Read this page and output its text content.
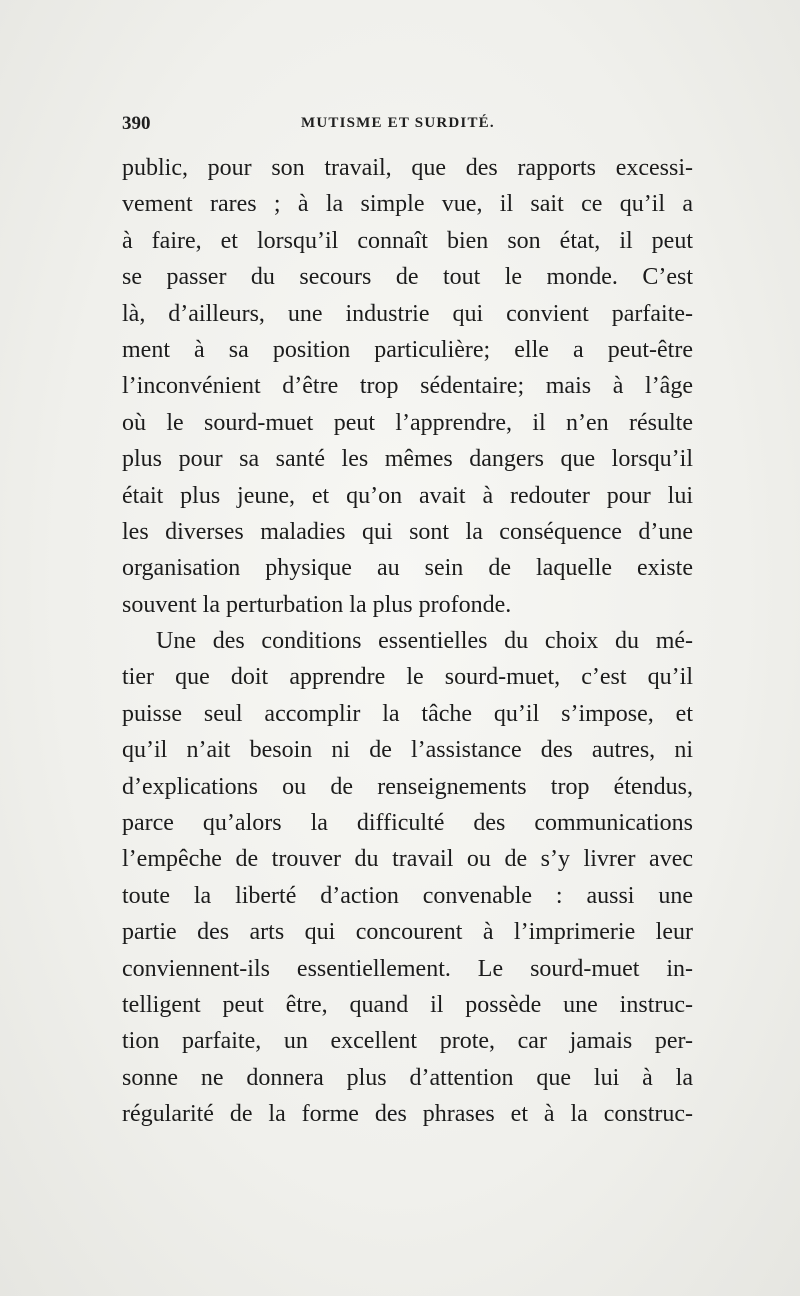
390	MUTISME ET SURDITÉ.
public, pour son travail, que des rapports excessi-
vement rares ; à la simple vue, il sait ce qu’il a
à faire, et lorsqu’il connaît bien son état, il peut
se passer du secours de tout le monde. C’est
là, d’ailleurs, une industrie qui convient parfaite-
ment à sa position particulière; elle a peut-être
l’inconvénient d’être trop sédentaire; mais à l’âge
où le sourd-muet peut l’apprendre, il n’en résulte
plus pour sa santé les mêmes dangers que lorsqu’il
était plus jeune, et qu’on avait à redouter pour lui
les diverses maladies qui sont la conséquence d’une
organisation physique au sein de laquelle existe
souvent la perturbation la plus profonde.
Une des conditions essentielles du choix du mé-
tier que doit apprendre le sourd-muet, c’est qu’il
puisse seul accomplir la tâche qu’il s’impose, et
qu’il n’ait besoin ni de l’assistance des autres, ni
d’explications ou de renseignements trop étendus,
parce qu’alors la difficulté des communications
l’empêche de trouver du travail ou de s’y livrer avec
toute la liberté d’action convenable : aussi une
partie des arts qui concourent à l’imprimerie leur
conviennent-ils essentiellement. Le sourd-muet in-
telligent peut être, quand il possède une instruc-
tion parfaite, un excellent prote, car jamais per-
sonne ne donnera plus d’attention que lui à la
régularité de la forme des phrases et à la construc-
